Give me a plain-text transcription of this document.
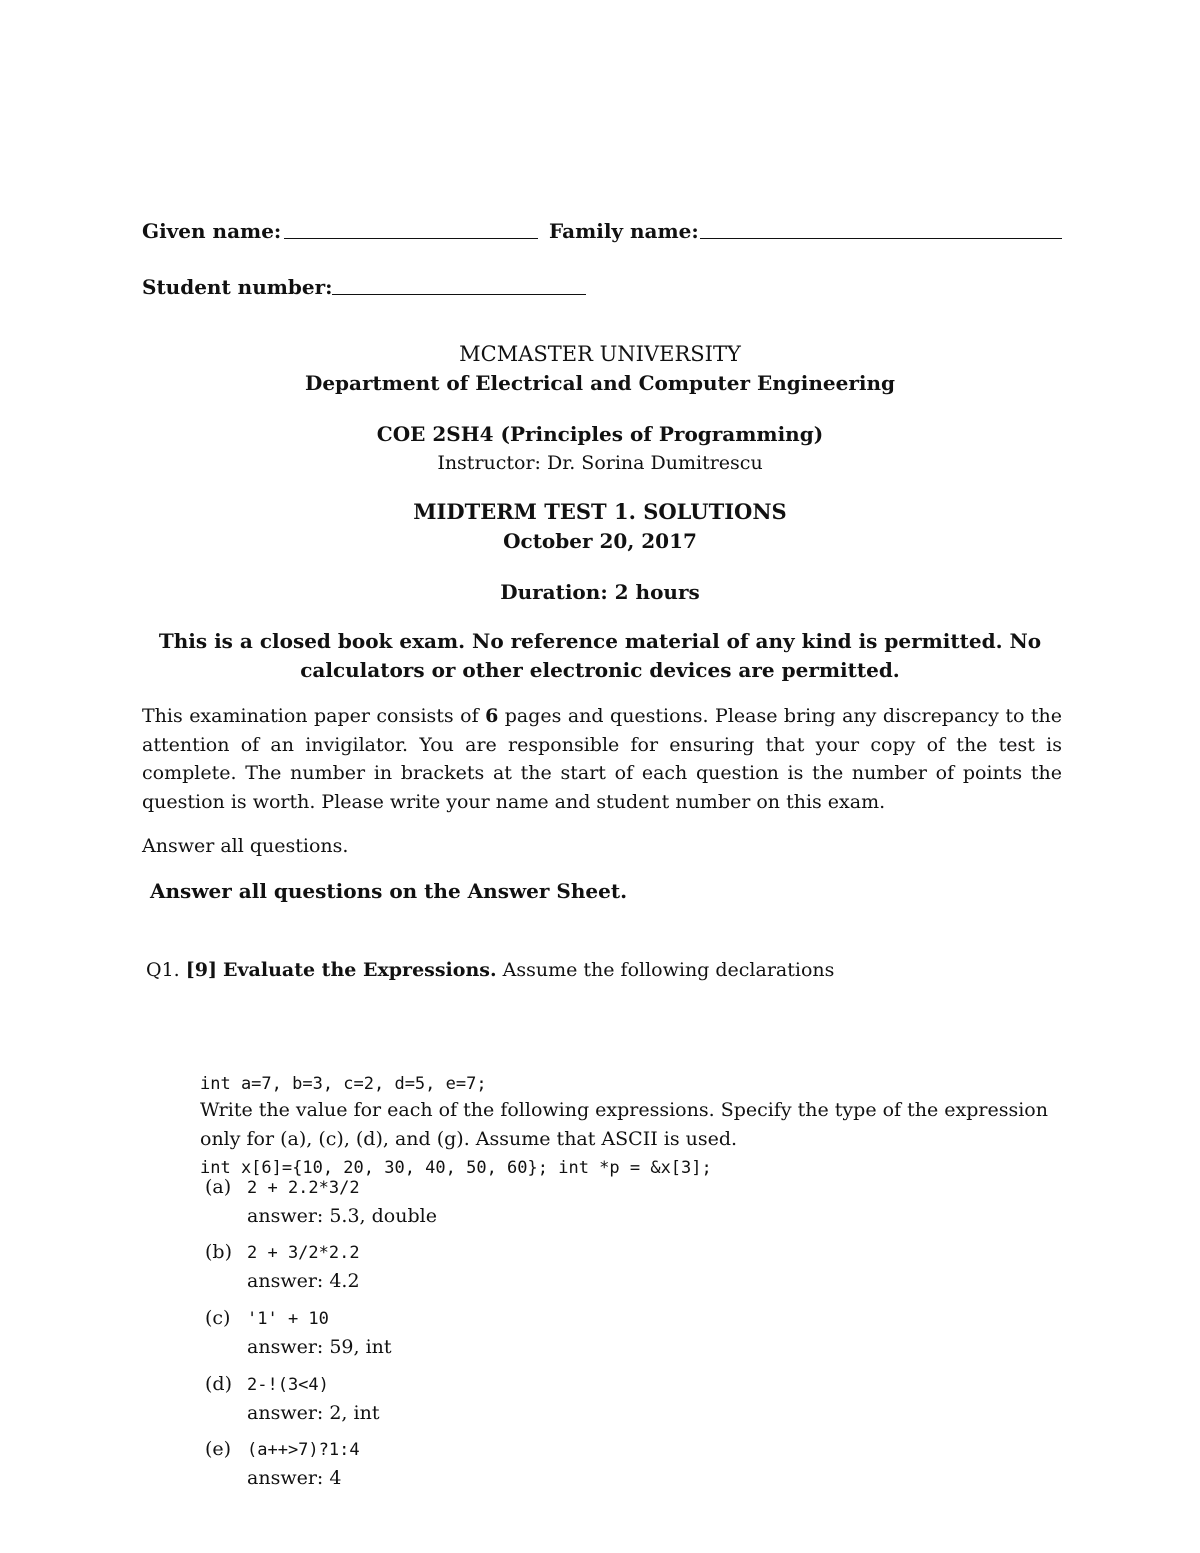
Given name:	Family name:
Student number:
MCMASTER UNIVERSITY
Department of Electrical and Computer Engineering
COE 2SH4 (Principles of Programming)
Instructor: Dr. Sorina Dumitrescu
MIDTERM TEST 1. SOLUTIONS
October 20, 2017
Duration: 2 hours
This is a closed book exam. No reference material of any kind is permitted. No
calculators or other electronic devices are permitted.
This examination paper consists of 6 pages and questions. Please bring any discrepancy to the attention of an invigilator. You are responsible for ensuring that your copy of the test is complete. The number in brackets at the start of each question is the number of points the question is worth. Please write your name and student number on this exam.
Answer all questions.
Answer all questions on the Answer Sheet.
Q1. [9] Evaluate the Expressions. Assume the following declarations

int a=7, b=3, c=2, d=5, e=7;

int x[6]={10, 20, 30, 40, 50, 60}; int *p = &x[3];

Write the value for each of the following expressions. Specify the type of the expression only for (a), (c), (d), and (g). Assume that ASCII is used.
(a) 2 + 2.2*3/2
answer: 5.3, double
(b) 2 + 3/2*2.2
answer: 4.2
(c) '1' + 10
answer: 59, int
(d) 2-!(3<4)
answer: 2, int
(e) (a++>7)?1:4
answer: 4
